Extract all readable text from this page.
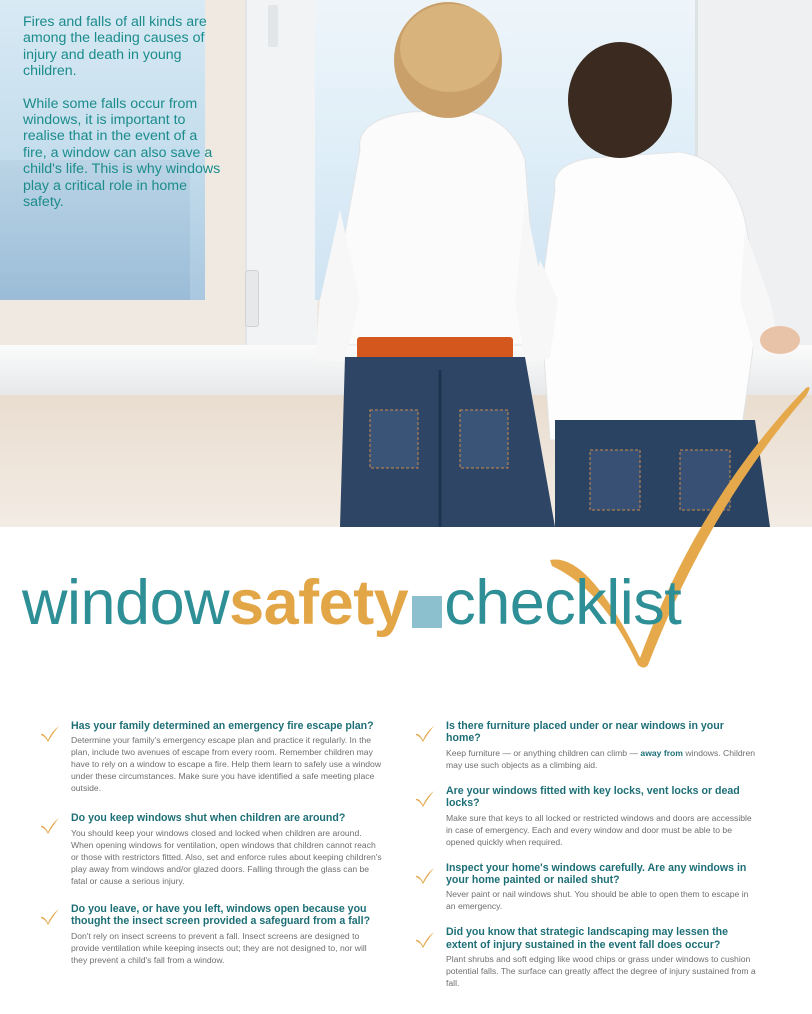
Fires and falls of all kinds are among the leading causes of injury and death in young children.

While some falls occur from windows, it is important to realise that in the event of a fire, a window can also save a child's life. This is why windows play a critical role in home safety.

windowsafety checklist

Has your family determined an emergency fire escape plan?

Determine your family's emergency escape plan and practice it regularly. In the plan, include two avenues of escape from every room. Remember children may have to rely on a window to escape a fire. Help them learn to safely use a window under these circumstances. Make sure you have identified a safe meeting place outside.

Do you keep windows shut when children are around?

You should keep your windows closed and locked when children are around. When opening windows for ventilation, open windows that children cannot reach or those with restrictors fitted. Also, set and enforce rules about keeping children's play away from windows and/or glazed doors. Falling through the glass can be fatal or cause a serious injury.

Do you leave, or have you left, windows open because you thought the insect screen provided a safeguard from a fall?

Don't rely on insect screens to prevent a fall. Insect screens are designed to provide ventilation while keeping insects out; they are not designed to, nor will they prevent a child's fall from a window.

Is there furniture placed under or near windows in your home?

Keep furniture — or anything children can climb — away from windows. Children may use such objects as a climbing aid.

Are your windows fitted with key locks, vent locks or dead locks?

Make sure that keys to all locked or restricted windows and doors are accessible in case of emergency. Each and every window and door must be able to be opened quickly when required.

Inspect your home's windows carefully. Are any windows in your home painted or nailed shut?

Never paint or nail windows shut. You should be able to open them to escape in an emergency.

Did you know that strategic landscaping may lessen the extent of injury sustained in the event fall does occur?

Plant shrubs and soft edging like wood chips or grass under windows to cushion potential falls. The surface can greatly affect the degree of injury sustained from a fall.
